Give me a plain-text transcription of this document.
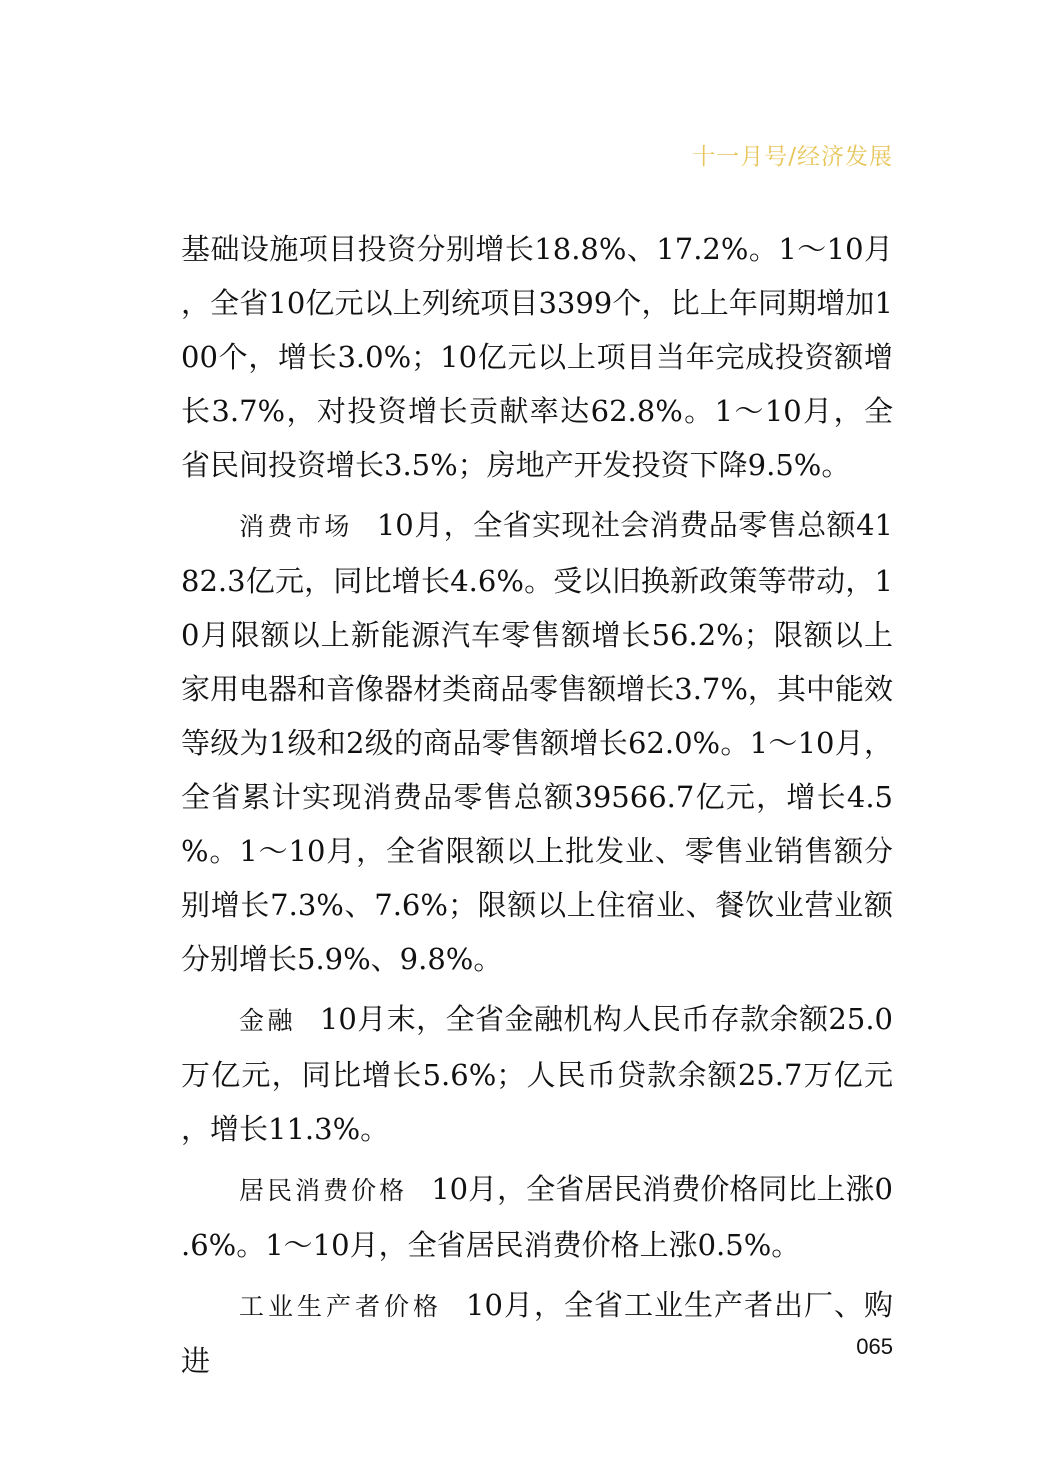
十一月号/经济发展

基础设施项目投资分别增长18.8%、17.2%。1～10月，全省10亿元以上列统项目3399个，比上年同期增加100个，增长3.0%；10亿元以上项目当年完成投资额增长3.7%，对投资增长贡献率达62.8%。1～10月，全省民间投资增长3.5%；房地产开发投资下降9.5%。

消费市场 10月，全省实现社会消费品零售总额4182.3亿元，同比增长4.6%。受以旧换新政策等带动，10月限额以上新能源汽车零售额增长56.2%；限额以上家用电器和音像器材类商品零售额增长3.7%，其中能效等级为1级和2级的商品零售额增长62.0%。1～10月，全省累计实现消费品零售总额39566.7亿元，增长4.5%。1～10月，全省限额以上批发业、零售业销售额分别增长7.3%、7.6%；限额以上住宿业、餐饮业营业额分别增长5.9%、9.8%。

金融 10月末，全省金融机构人民币存款余额25.0万亿元，同比增长5.6%；人民币贷款余额25.7万亿元，增长11.3%。

居民消费价格 10月，全省居民消费价格同比上涨0.6%。1～10月，全省居民消费价格上涨0.5%。

工业生产者价格 10月，全省工业生产者出厂、购进	065
